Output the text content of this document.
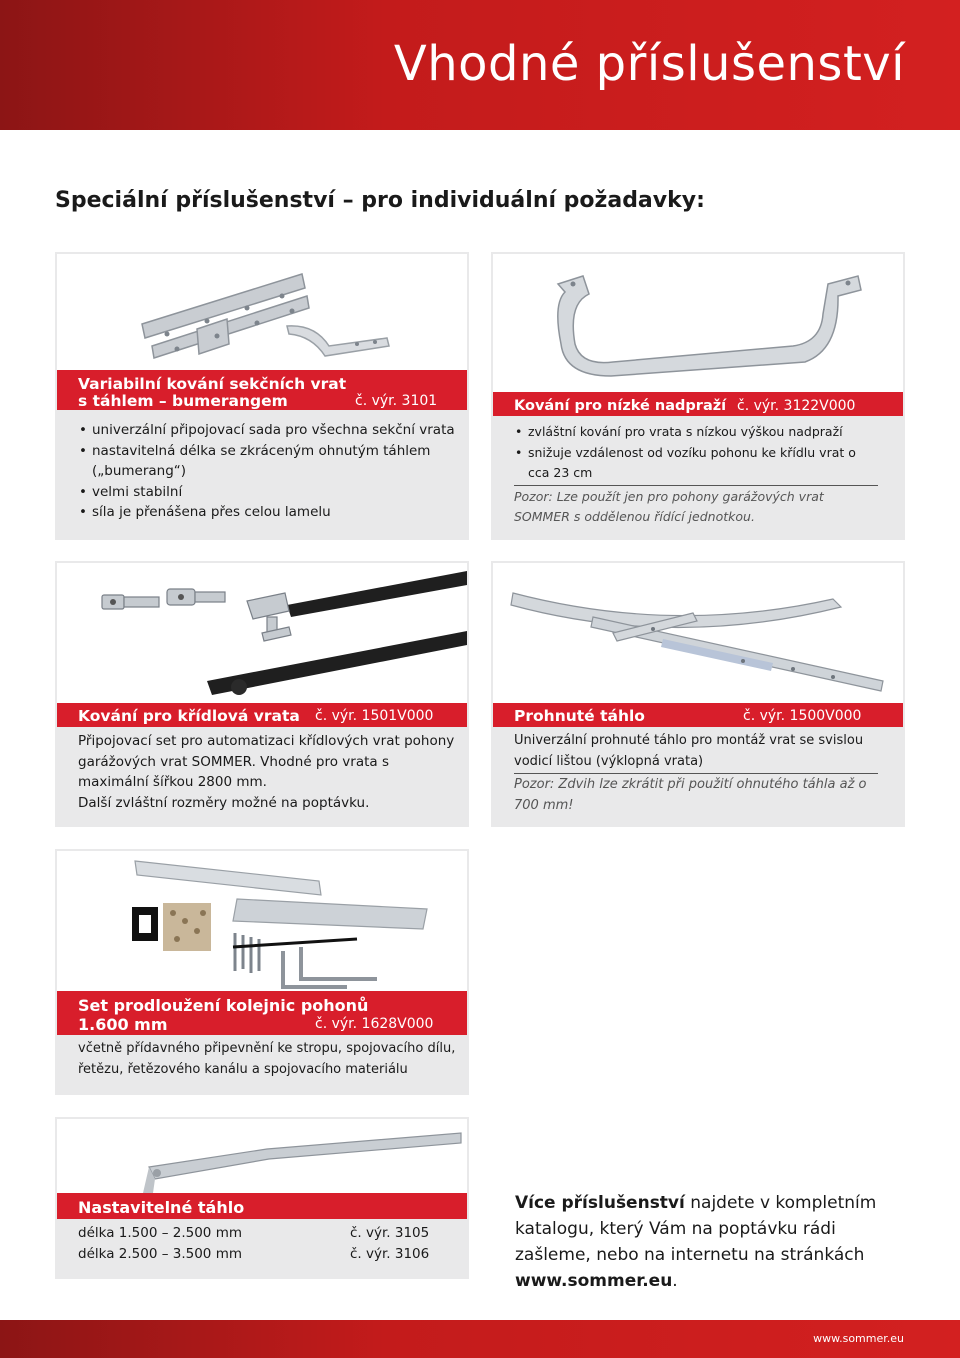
Vhodné příslušenství
Speciální příslušenství – pro individuální požadavky:
Variabilní kování sekčních vrat
s táhlem – bumerangem	č. výr. 3101
• univerzální připojovací sada pro všechna sekční vrata
• nastavitelná délka se zkráceným ohnutým táhlem
(„bumerang“)
• velmi stabilní
• síla je přenášena přes celou lamelu
Kování pro nízké nadpraží č. výr. 3122V000
• zvláštní kování pro vrata s nízkou výškou nadpraží
• snižuje vzdálenost od vozíku pohonu ke křídlu vrat o cca 23 cm
Pozor: Lze použít jen pro pohony garážových vrat SOMMER s oddělenou řídící jednotkou.
Kování pro křídlová vrata č. výr. 1501V000
Připojovací set pro automatizaci křídlových vrat pohony garážových vrat SOMMER. Vhodné pro vrata s maximální šířkou 2800 mm.
Další zvláštní rozměry možné na poptávku.
Prohnuté táhlo	č. výr. 1500V000
Univerzální prohnuté táhlo pro montáž vrat se svislou vodicí lištou (výklopná vrata)
Pozor: Zdvih lze zkrátit při použití ohnutého táhla až o 700 mm!
Set prodloužení kolejnic pohonů
1.600 mm	č. výr. 1628V000
včetně přídavného připevnění ke stropu, spojovacího dílu, řetězu, řetězového kanálu a spojovacího materiálu
Nastavitelné táhlo
délka 1.500 – 2.500 mm	č. výr. 3105
délka 2.500 – 3.500 mm	č. výr. 3106
Více příslušenství najdete v kompletním katalogu, který Vám na poptávku rádi zašleme, nebo na internetu na stránkách www.sommer.eu.
www.sommer.eu
